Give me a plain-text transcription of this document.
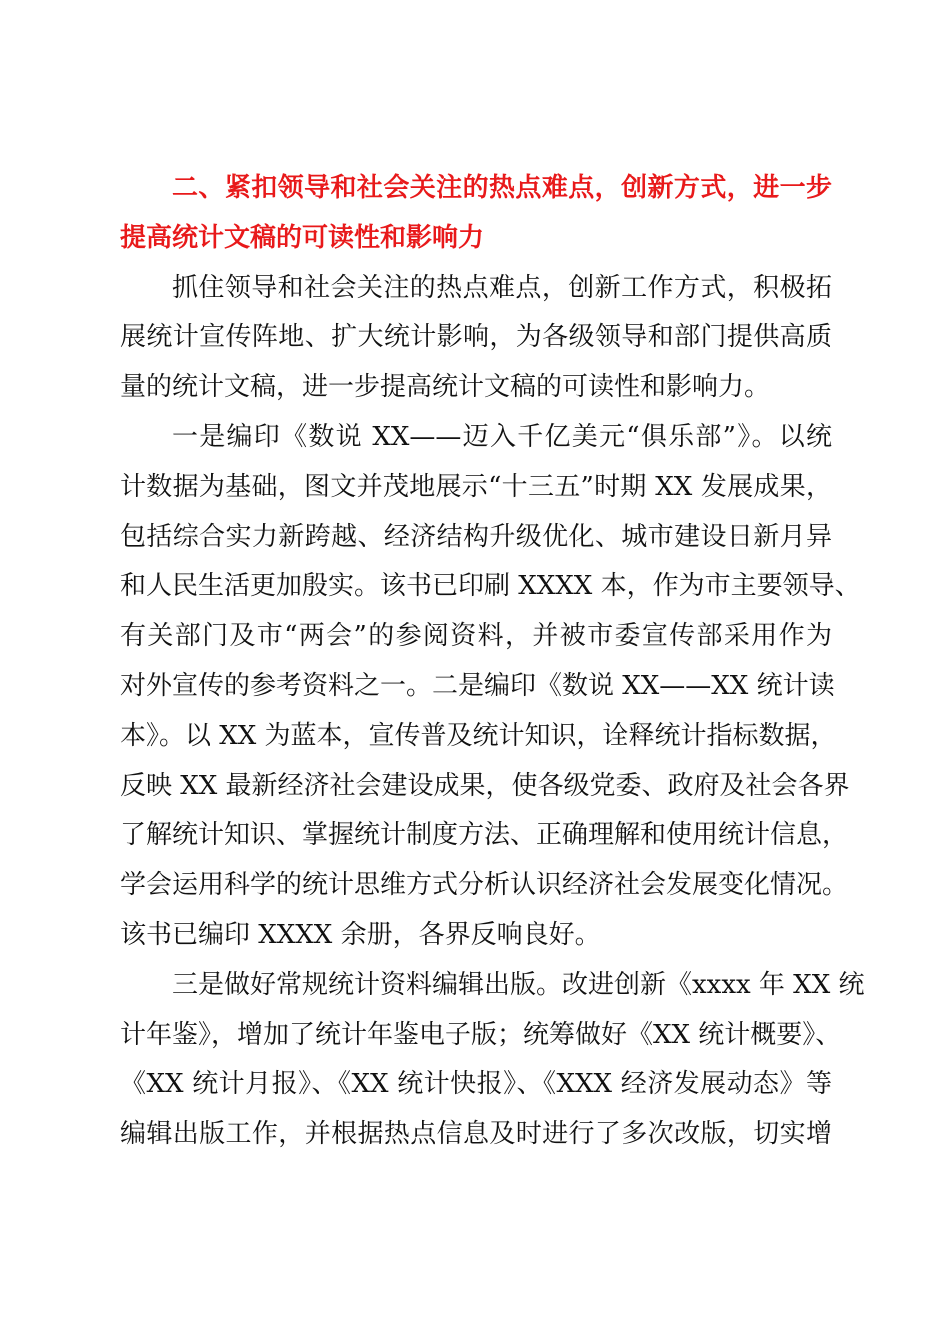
二、紧扣领导和社会关注的热点难点，创新方式，进一步
提高统计文稿的可读性和影响力
抓住领导和社会关注的热点难点，创新工作方式，积极拓
展统计宣传阵地、扩大统计影响，为各级领导和部门提供高质
量的统计文稿，进一步提高统计文稿的可读性和影响力。
一是编印《数说 XX——迈入千亿美元“俱乐部”》。以统
计数据为基础，图文并茂地展示“十三五”时期 XX 发展成果，
包括综合实力新跨越、经济结构升级优化、城市建设日新月异
和人民生活更加殷实。该书已印刷 XXXX 本，作为市主要领导、
有关部门及市“两会”的参阅资料，并被市委宣传部采用作为
对外宣传的参考资料之一。二是编印《数说 XX——XX 统计读
本》。以 XX 为蓝本，宣传普及统计知识，诠释统计指标数据，
反映 XX 最新经济社会建设成果，使各级党委、政府及社会各界
了解统计知识、掌握统计制度方法、正确理解和使用统计信息，
学会运用科学的统计思维方式分析认识经济社会发展变化情况。
该书已编印 XXXX 余册，各界反响良好。
三是做好常规统计资料编辑出版。改进创新《xxxx 年 XX 统
计年鉴》，增加了统计年鉴电子版；统筹做好《XX 统计概要》、
《XX 统计月报》、《XX 统计快报》、《XXX 经济发展动态》等
编辑出版工作，并根据热点信息及时进行了多次改版，切实增
